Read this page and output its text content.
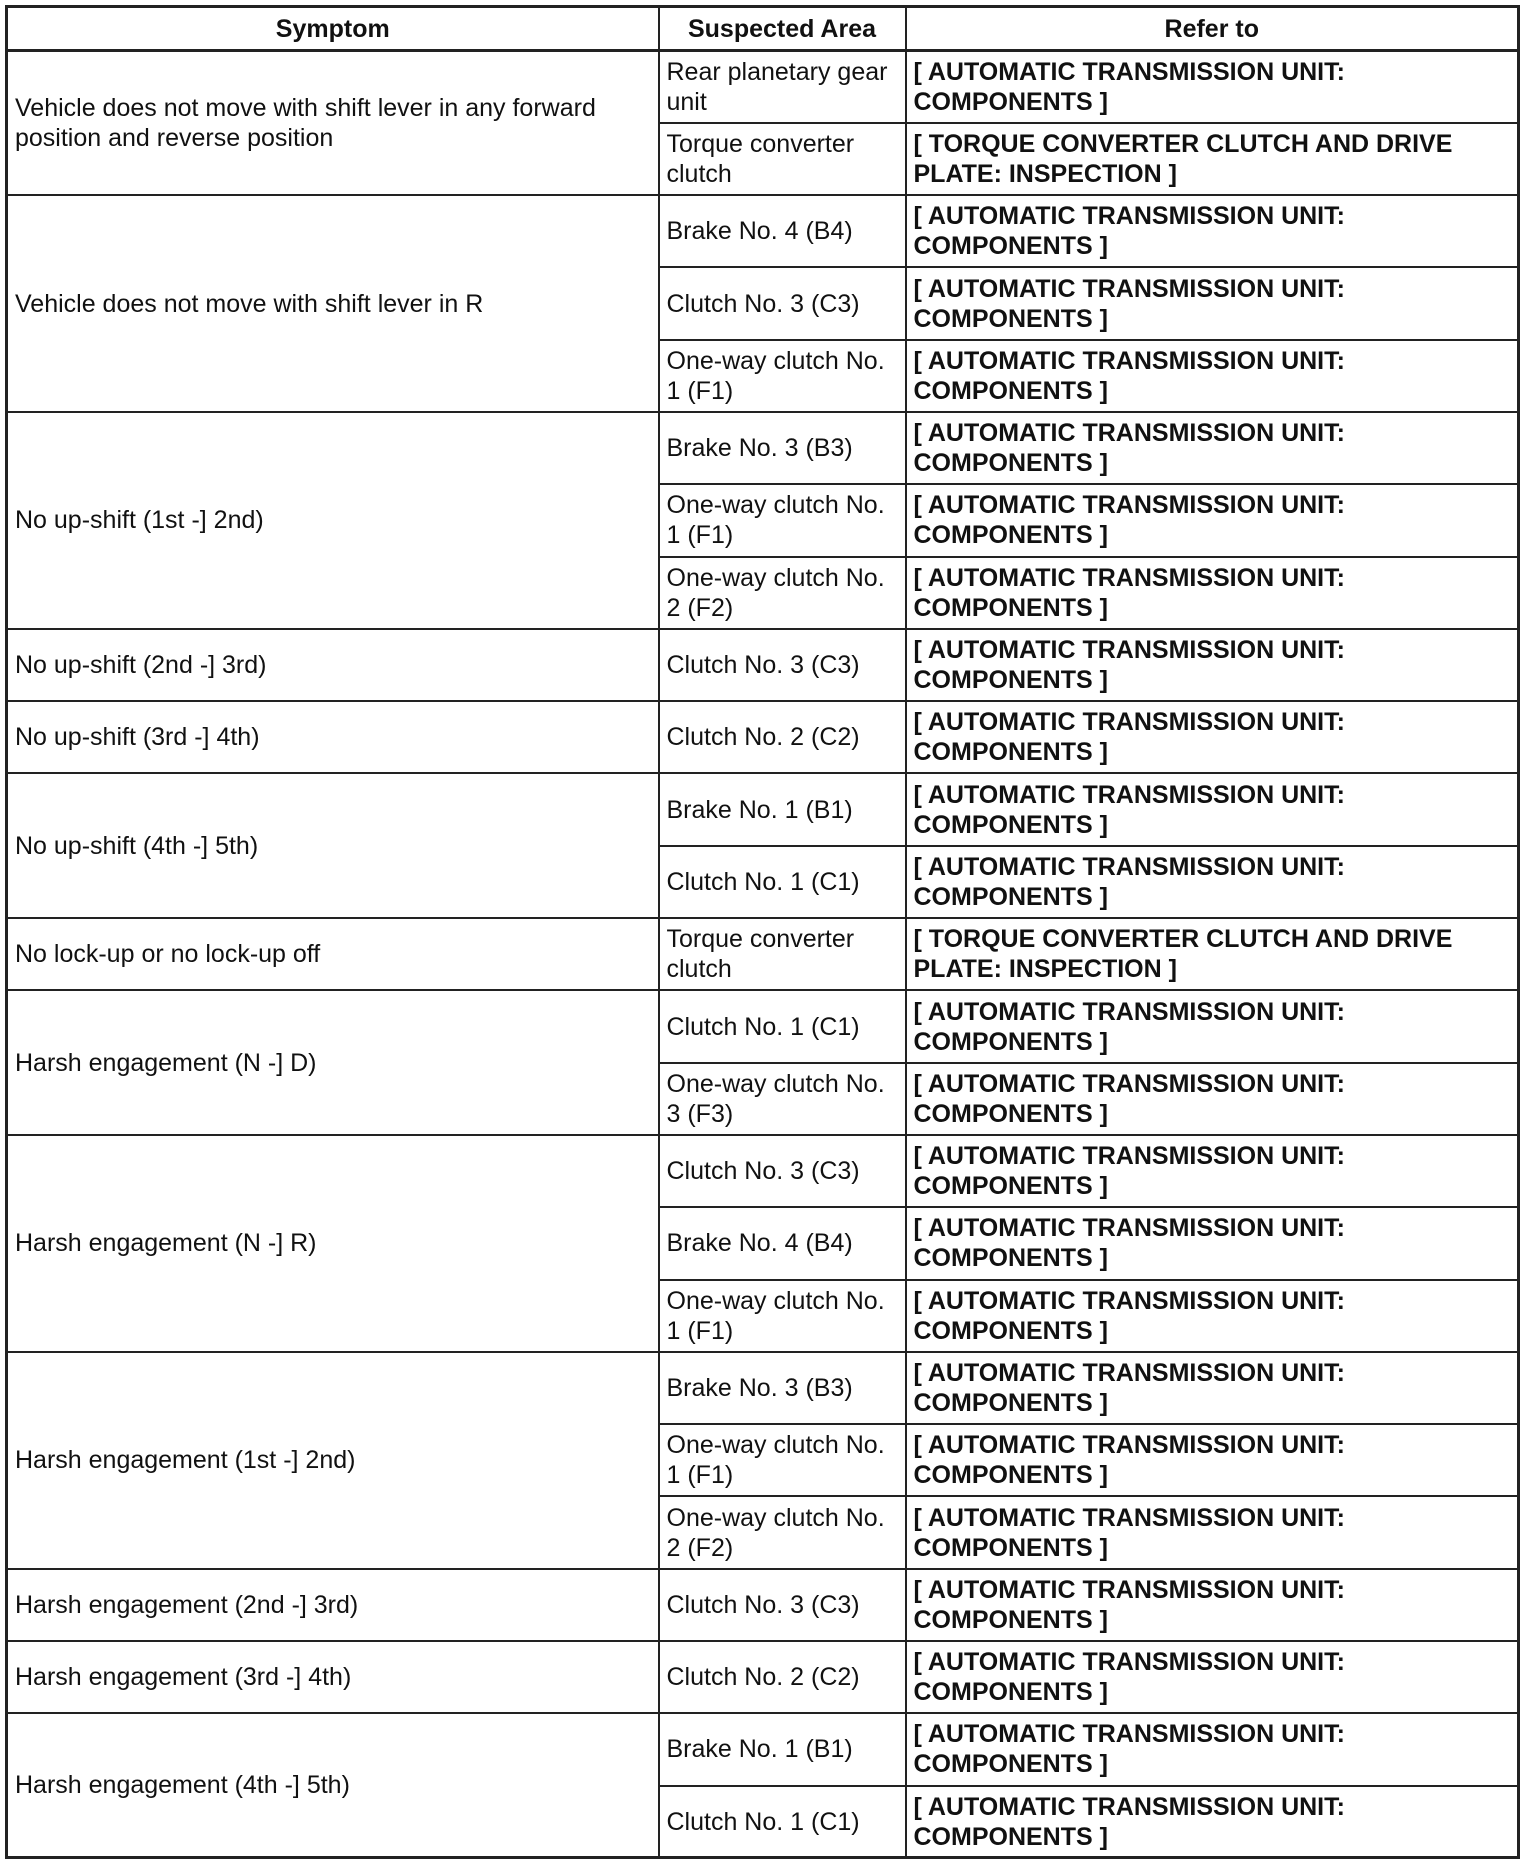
Symptom	Suspected Area	Refer to
Vehicle does not move with shift lever in any forward position and reverse position	Rear planetary gear unit	[ AUTOMATIC TRANSMISSION UNIT: COMPONENTS ]
	Torque converter clutch	[ TORQUE CONVERTER CLUTCH AND DRIVE PLATE: INSPECTION ]
Vehicle does not move with shift lever in R	Brake No. 4 (B4)	[ AUTOMATIC TRANSMISSION UNIT: COMPONENTS ]
	Clutch No. 3 (C3)	[ AUTOMATIC TRANSMISSION UNIT: COMPONENTS ]
	One-way clutch No. 1 (F1)	[ AUTOMATIC TRANSMISSION UNIT: COMPONENTS ]
No up-shift (1st -] 2nd)	Brake No. 3 (B3)	[ AUTOMATIC TRANSMISSION UNIT: COMPONENTS ]
	One-way clutch No. 1 (F1)	[ AUTOMATIC TRANSMISSION UNIT: COMPONENTS ]
	One-way clutch No. 2 (F2)	[ AUTOMATIC TRANSMISSION UNIT: COMPONENTS ]
No up-shift (2nd -] 3rd)	Clutch No. 3 (C3)	[ AUTOMATIC TRANSMISSION UNIT: COMPONENTS ]
No up-shift (3rd -] 4th)	Clutch No. 2 (C2)	[ AUTOMATIC TRANSMISSION UNIT: COMPONENTS ]
No up-shift (4th -] 5th)	Brake No. 1 (B1)	[ AUTOMATIC TRANSMISSION UNIT: COMPONENTS ]
	Clutch No. 1 (C1)	[ AUTOMATIC TRANSMISSION UNIT: COMPONENTS ]
No lock-up or no lock-up off	Torque converter clutch	[ TORQUE CONVERTER CLUTCH AND DRIVE PLATE: INSPECTION ]
Harsh engagement (N -] D)	Clutch No. 1 (C1)	[ AUTOMATIC TRANSMISSION UNIT: COMPONENTS ]
	One-way clutch No. 3 (F3)	[ AUTOMATIC TRANSMISSION UNIT: COMPONENTS ]
Harsh engagement (N -] R)	Clutch No. 3 (C3)	[ AUTOMATIC TRANSMISSION UNIT: COMPONENTS ]
	Brake No. 4 (B4)	[ AUTOMATIC TRANSMISSION UNIT: COMPONENTS ]
	One-way clutch No. 1 (F1)	[ AUTOMATIC TRANSMISSION UNIT: COMPONENTS ]
Harsh engagement (1st -] 2nd)	Brake No. 3 (B3)	[ AUTOMATIC TRANSMISSION UNIT: COMPONENTS ]
	One-way clutch No. 1 (F1)	[ AUTOMATIC TRANSMISSION UNIT: COMPONENTS ]
	One-way clutch No. 2 (F2)	[ AUTOMATIC TRANSMISSION UNIT: COMPONENTS ]
Harsh engagement (2nd -] 3rd)	Clutch No. 3 (C3)	[ AUTOMATIC TRANSMISSION UNIT: COMPONENTS ]
Harsh engagement (3rd -] 4th)	Clutch No. 2 (C2)	[ AUTOMATIC TRANSMISSION UNIT: COMPONENTS ]
Harsh engagement (4th -] 5th)	Brake No. 1 (B1)	[ AUTOMATIC TRANSMISSION UNIT: COMPONENTS ]
	Clutch No. 1 (C1)	[ AUTOMATIC TRANSMISSION UNIT: COMPONENTS ]
